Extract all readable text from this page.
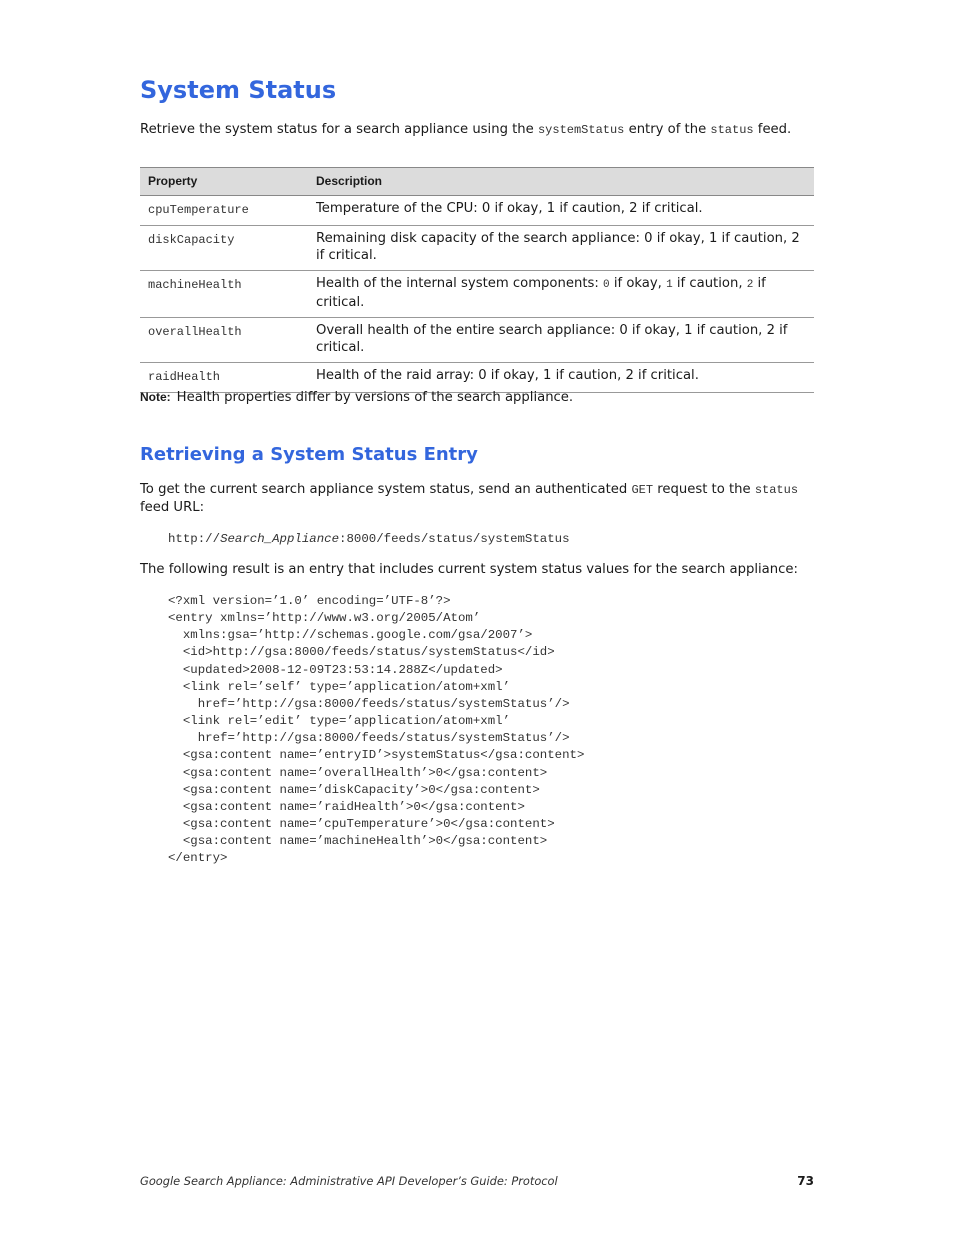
System Status

Retrieve the system status for a search appliance using the systemStatus entry of the status feed.

Property	Description
cpuTemperature	Temperature of the CPU: 0 if okay, 1 if caution, 2 if critical.
diskCapacity	Remaining disk capacity of the search appliance: 0 if okay, 1 if caution, 2 if critical.
machineHealth	Health of the internal system components: 0 if okay, 1 if caution, 2 if critical.
overallHealth	Overall health of the entire search appliance: 0 if okay, 1 if caution, 2 if critical.
raidHealth	Health of the raid array: 0 if okay, 1 if caution, 2 if critical.

Note: Health properties differ by versions of the search appliance.

Retrieving a System Status Entry

To get the current search appliance system status, send an authenticated GET request to the status feed URL:

http://Search_Appliance:8000/feeds/status/systemStatus

The following result is an entry that includes current system status values for the search appliance:

<?xml version=’1.0’ encoding=’UTF-8’?>
<entry xmlns=’http://www.w3.org/2005/Atom’
xmlns:gsa=’http://schemas.google.com/gsa/2007’>
<id>http://gsa:8000/feeds/status/systemStatus</id>
<updated>2008-12-09T23:53:14.288Z</updated>
<link rel=’self’ type=’application/atom+xml’
href=’http://gsa:8000/feeds/status/systemStatus’/>
<link rel=’edit’ type=’application/atom+xml’
href=’http://gsa:8000/feeds/status/systemStatus’/>
<gsa:content name=’entryID’>systemStatus</gsa:content>
<gsa:content name=’overallHealth’>0</gsa:content>
<gsa:content name=’diskCapacity’>0</gsa:content>
<gsa:content name=’raidHealth’>0</gsa:content>
<gsa:content name=’cpuTemperature’>0</gsa:content>
<gsa:content name=’machineHealth’>0</gsa:content>
</entry>
Google Search Appliance: Administrative API Developer’s Guide: Protocol	73
